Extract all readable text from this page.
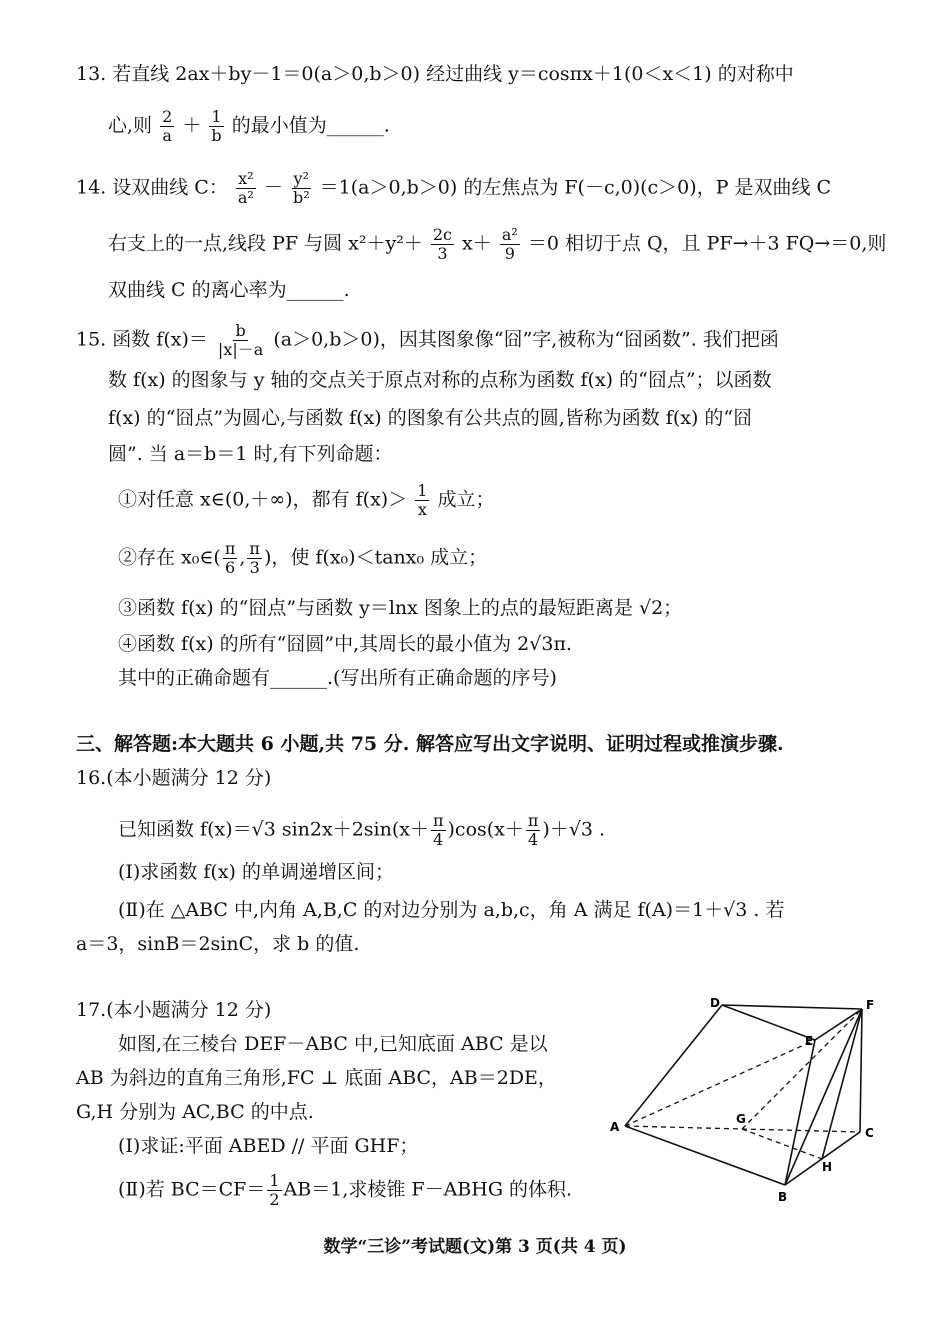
13. 若直线 2ax＋by－1＝0(a＞0,b＞0) 经过曲线 y＝cosπx＋1(0＜x＜1) 的对称中
心,则 $\frac{2}{a} + \frac{1}{b}$ 的最小值为______.
14. 设双曲线 C： $\frac{\text{x²}}{\text{a²}} - \frac{\text{y²}}{\text{b²}} =1(a>0,b>0)$ 的左焦点为 F(－c,0)(c＞0)，P 是双曲线 C
右支上的一点,线段 PF 与圆 $x^2+y^2+ \frac{2c}{3} x+ \frac{\text{a²}}{9} =0$ 相切于点 Q，且 PF→＋3 FQ→＝0,则
双曲线 C 的离心率为______.
15. 函数 $f(x)= \frac{b}{|x|-a} (a>0,b>0)$，因其图象像“囧”字,被称为“囧函数”. 我们把函
数 f(x) 的图象与 y 轴的交点关于原点对称的点称为函数 f(x) 的“囧点”；以函数
f(x) 的“囧点”为圆心,与函数 f(x) 的图象有公共点的圆,皆称为函数 f(x) 的“囧
圆”. 当 a＝b＝1 时,有下列命题：
①对任意 x∈(0,＋∞)，都有 $f(x)> \frac{1}{x}$ 成立；
②存在 x₀∈( $\frac{\pi}{6}$ , $\frac{\pi}{3}$ )，使 f(x₀)＜tanx₀ 成立；
③函数 f(x) 的“囧点”与函数 y＝lnx 图象上的点的最短距离是 √2；
④函数 f(x) 的所有“囧圆”中,其周长的最小值为 2√3π.
其中的正确命题有______.(写出所有正确命题的序号)
三、解答题:本大题共 6 小题,共 75 分. 解答应写出文字说明、证明过程或推演步骤.
16.(本小题满分 12 分)
已知函数 f(x)＝√3 $\sin 2x+2\sin(x+ \frac{\pi}{4} )\cos(x+ \frac{\pi}{4} )+√3$ .
(Ⅰ)求函数 f(x) 的单调递增区间；
(Ⅱ)在 △ABC 中,内角 A,B,C 的对边分别为 a,b,c，角 A 满足 f(A)＝1＋√3 . 若
a＝3，sinB＝2sinC，求 b 的值.
17.(本小题满分 12 分)
如图,在三棱台 DEF－ABC 中,已知底面 ABC 是以
AB 为斜边的直角三角形,FC ⊥ 底面 ABC，AB＝2DE，
G,H 分别为 AC,BC 的中点.
(Ⅰ)求证:平面 ABED // 平面 GHF；
(Ⅱ)若 $BC=CF= \frac{1}{2} AB=1$,求棱锥 F－ABHG 的体积.
D
E
F
A
G
C
H
B
数学“三诊”考试题(文)第 3 页(共 4 页)
